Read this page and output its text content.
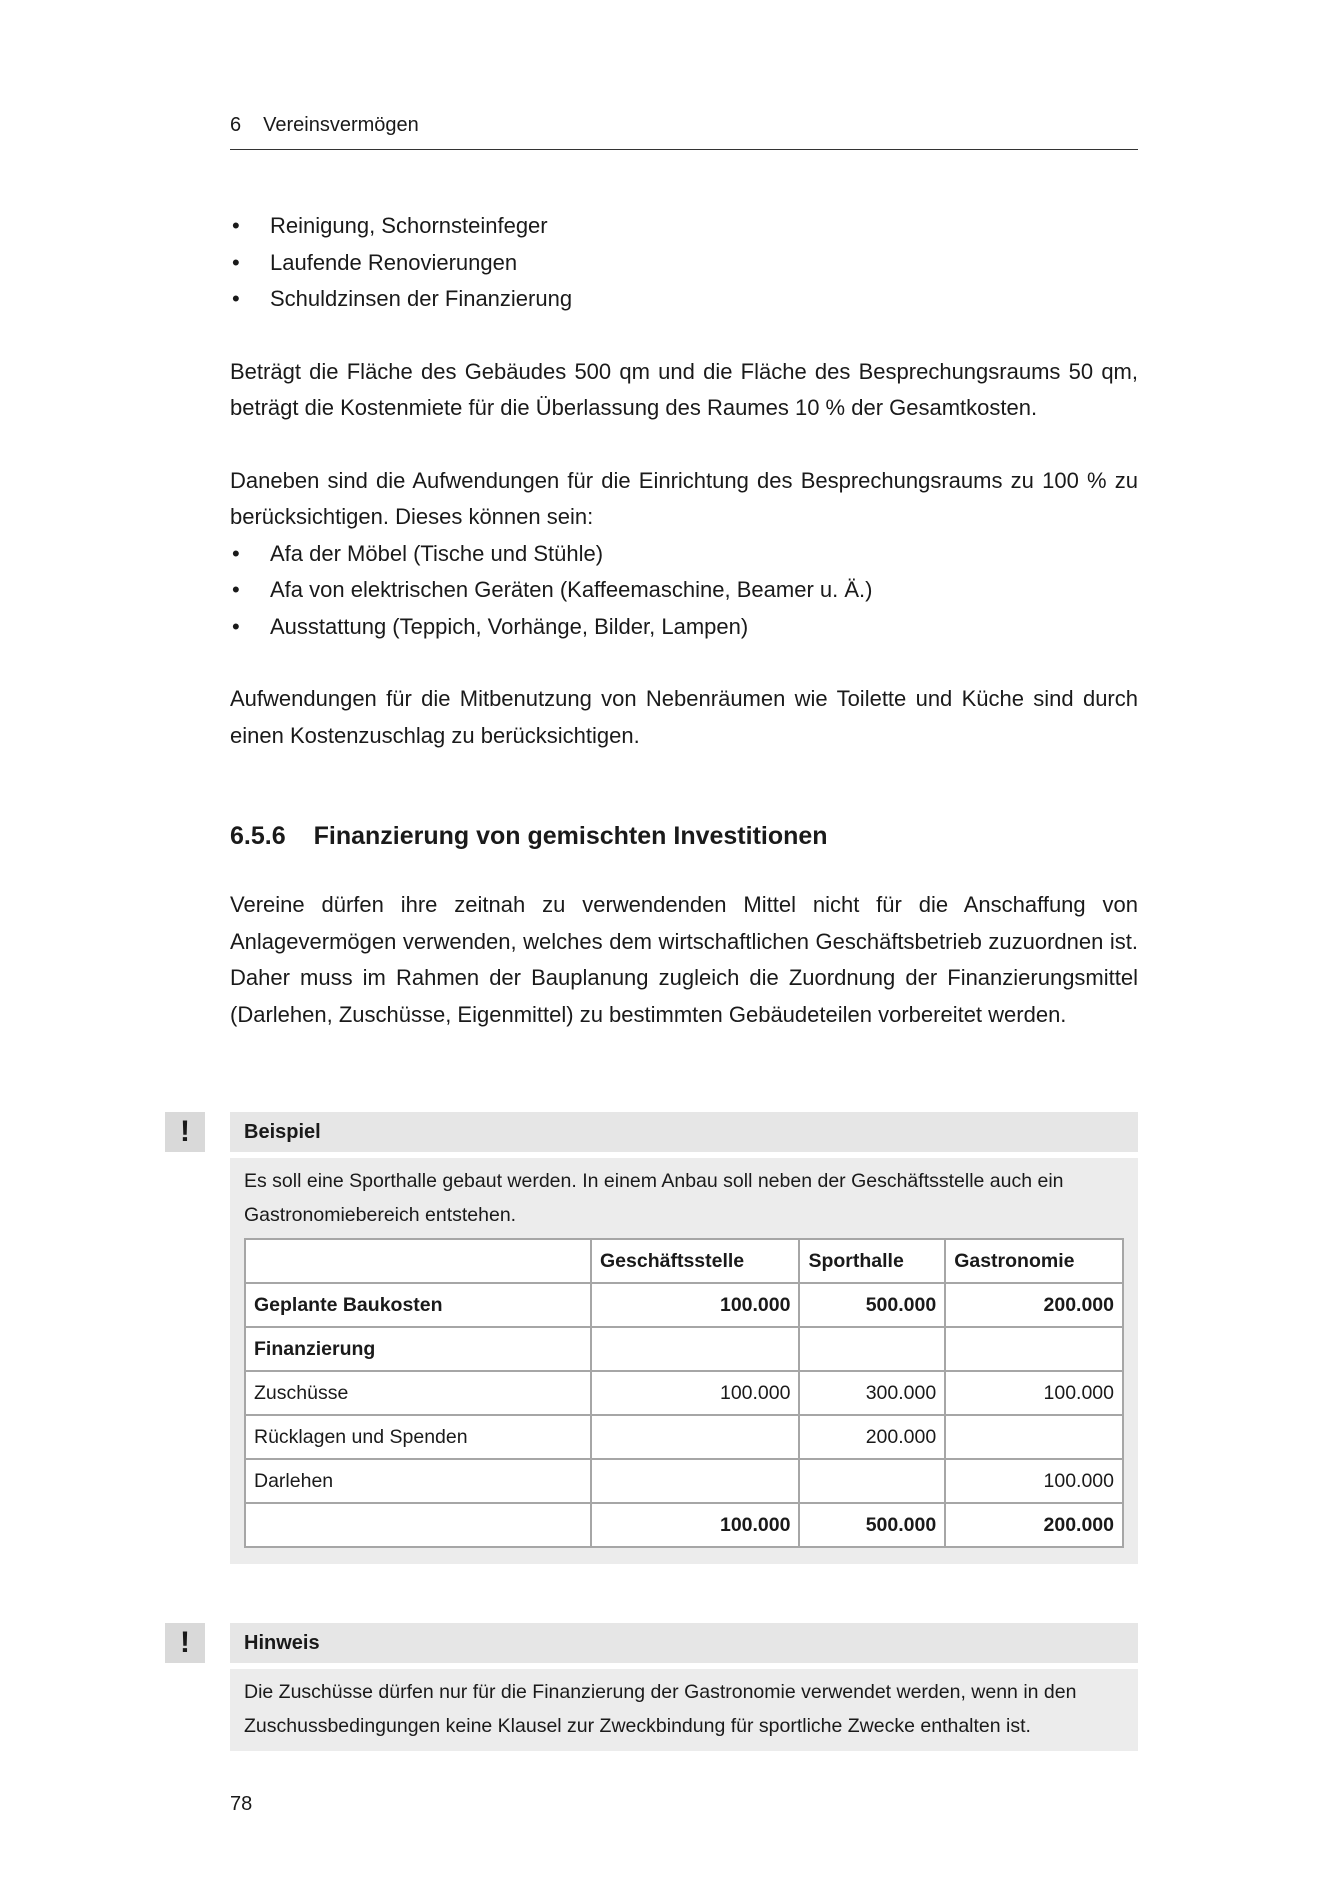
6 Vereinsvermögen
• Reinigung, Schornsteinfeger
• Laufende Renovierungen
• Schuldzinsen der Finanzierung

Beträgt die Fläche des Gebäudes 500 qm und die Fläche des Besprechungsraums 50 qm, beträgt die Kostenmiete für die Überlassung des Raumes 10 % der Gesamtkosten.

Daneben sind die Aufwendungen für die Einrichtung des Besprechungsraums zu 100 % zu berücksichtigen. Dieses können sein:

• Afa der Möbel (Tische und Stühle)
• Afa von elektrischen Geräten (Kaffeemaschine, Beamer u. Ä.)
• Ausstattung (Teppich, Vorhänge, Bilder, Lampen)

Aufwendungen für die Mitbenutzung von Nebenräumen wie Toilette und Küche sind durch einen Kostenzuschlag zu berücksichtigen.

6.5.6 Finanzierung von gemischten Investitionen

Vereine dürfen ihre zeitnah zu verwendenden Mittel nicht für die Anschaffung von Anlagevermögen verwenden, welches dem wirtschaftlichen Geschäftsbetrieb zuzuordnen ist. Daher muss im Rahmen der Bauplanung zugleich die Zuordnung der Finanzierungsmittel (Darlehen, Zuschüsse, Eigenmittel) zu bestimmten Gebäudeteilen vorbereitet werden.

!	Beispiel
Es soll eine Sporthalle gebaut werden. In einem Anbau soll neben der Geschäftsstelle auch ein Gastronomiebereich entstehen.
	Geschäftsstelle	Sporthalle	Gastronomie
Geplante Baukosten	100.000	500.000	200.000
Finanzierung			
Zuschüsse	100.000	300.000	100.000
Rücklagen und Spenden		200.000	
Darlehen			100.000
	100.000	500.000	200.000
!	Hinweis
Die Zuschüsse dürfen nur für die Finanzierung der Gastronomie verwendet werden, wenn in den Zuschussbedingungen keine Klausel zur Zweckbindung für sportliche Zwecke enthalten ist.
78
